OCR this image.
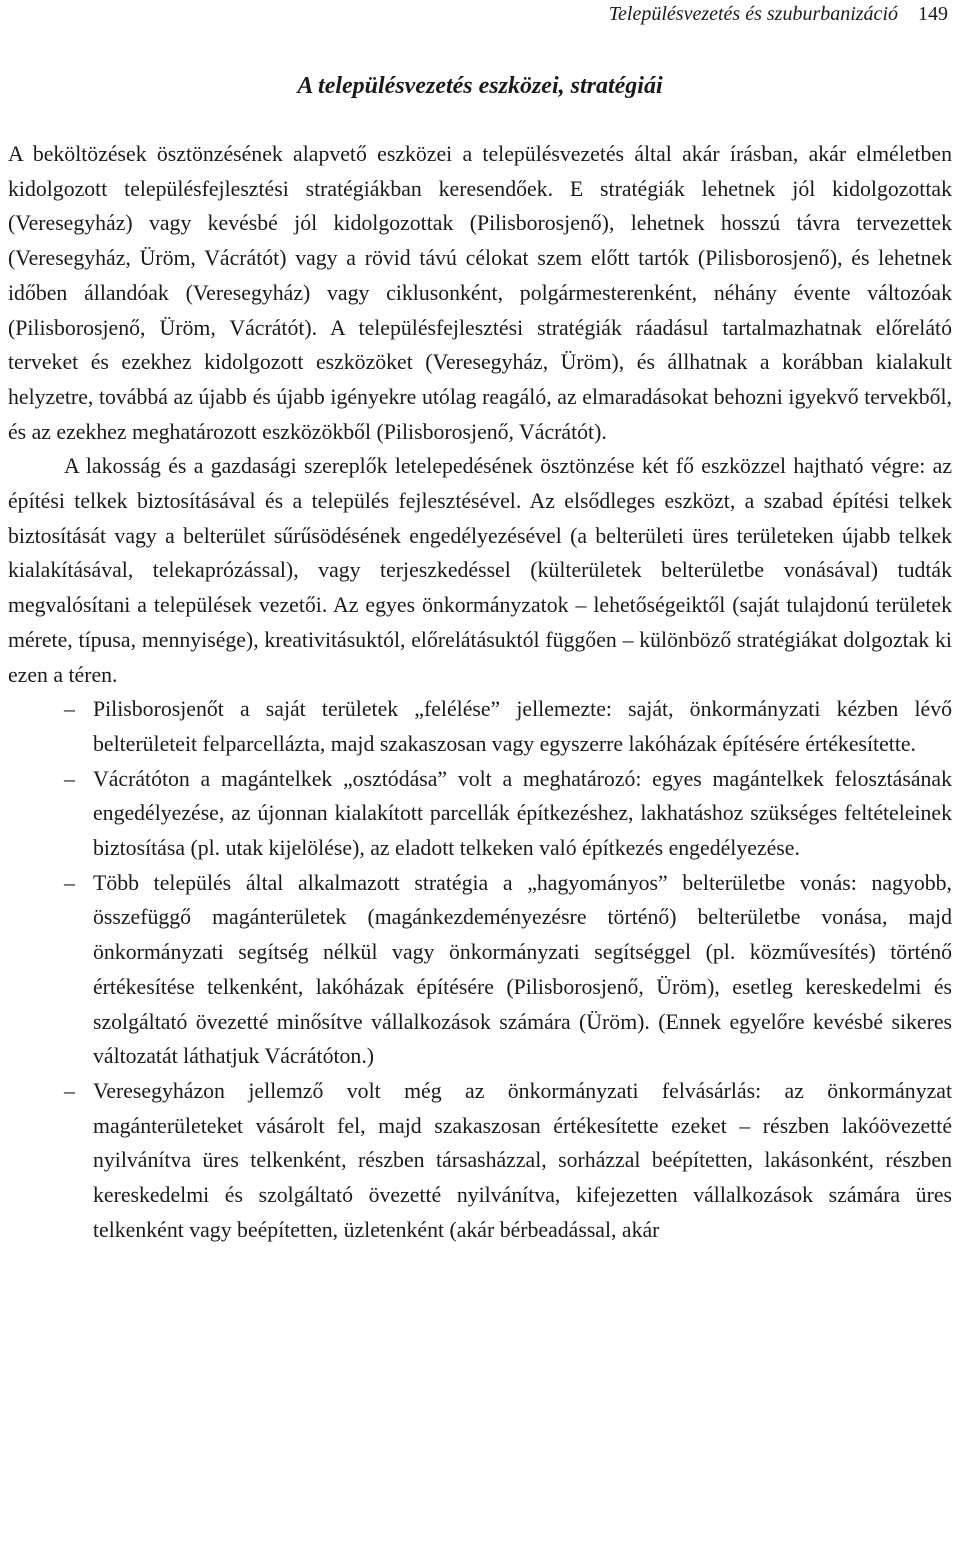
Településvezetés és szuburbanizáció 149
A településvezetés eszközei, stratégiái

A beköltözések ösztönzésének alapvető eszközei a településvezetés által akár írásban, akár elméletben kidolgozott településfejlesztési stratégiákban keresendőek. E stratégiák lehetnek jól kidolgozottak (Veresegyház) vagy kevésbé jól kidolgozottak (Pilisborosjenő), lehetnek hosszú távra tervezettek (Veresegyház, Üröm, Vácrátót) vagy a rövid távú célokat szem előtt tartók (Pilisborosjenő), és lehetnek időben állandóak (Veresegyház) vagy ciklusonként, polgármesterenként, néhány évente változóak (Pilisborosjenő, Üröm, Vácrátót). A településfejlesztési stratégiák ráadásul tartalmazhatnak előrelátó terveket és ezekhez kidolgozott eszközöket (Veresegyház, Üröm), és állhatnak a korábban kialakult helyzetre, továbbá az újabb és újabb igényekre utólag reagáló, az elmaradásokat behozni igyekvő tervekből, és az ezekhez meghatározott eszközökből (Pilisborosjenő, Vácrátót).

A lakosság és a gazdasági szereplők letelepedésének ösztönzése két fő eszközzel hajtható végre: az építési telkek biztosításával és a település fejlesztésével. Az elsődleges eszközt, a szabad építési telkek biztosítását vagy a belterület sűrűsödésének engedélyezésével (a belterületi üres területeken újabb telkek kialakításával, telekaprózással), vagy terjeszkedéssel (külterületek belterületbe vonásával) tudták megvalósítani a települések vezetői. Az egyes önkormányzatok – lehetőségeiktől (saját tulajdonú területek mérete, típusa, mennyisége), kreativitásuktól, előrelátásuktól függően – különböző stratégiákat dolgoztak ki ezen a téren.

– Pilisborosjenőt a saját területek „felélése” jellemezte: saját, önkormányzati kézben lévő belterületeit felparcellázta, majd szakaszosan vagy egyszerre lakóházak építésére értékesítette.
– Vácrátóton a magántelkek „osztódása” volt a meghatározó: egyes magántelkek felosztásának engedélyezése, az újonnan kialakított parcellák építkezéshez, lakhatáshoz szükséges feltételeinek biztosítása (pl. utak kijelölése), az eladott telkeken való építkezés engedélyezése.
– Több település által alkalmazott stratégia a „hagyományos” belterületbe vonás: nagyobb, összefüggő magánterületek (magánkezdeményezésre történő) belterületbe vonása, majd önkormányzati segítség nélkül vagy önkormányzati segítséggel (pl. közművesítés) történő értékesítése telkenként, lakóházak építésére (Pilisborosjenő, Üröm), esetleg kereskedelmi és szolgáltató övezetté minősítve vállalkozások számára (Üröm). (Ennek egyelőre kevésbé sikeres változatát láthatjuk Vácrátóton.)
– Veresegyházon jellemző volt még az önkormányzati felvásárlás: az önkormányzat magánterületeket vásárolt fel, majd szakaszosan értékesítette ezeket – részben lakóövezetté nyilvánítva üres telkenként, részben társasházzal, sorházzal beépítetten, lakásonként, részben kereskedelmi és szolgáltató övezetté nyilvánítva, kifejezetten vállalkozások számára üres telkenként vagy beépítetten, üzletenként (akár bérbeadással, akár
